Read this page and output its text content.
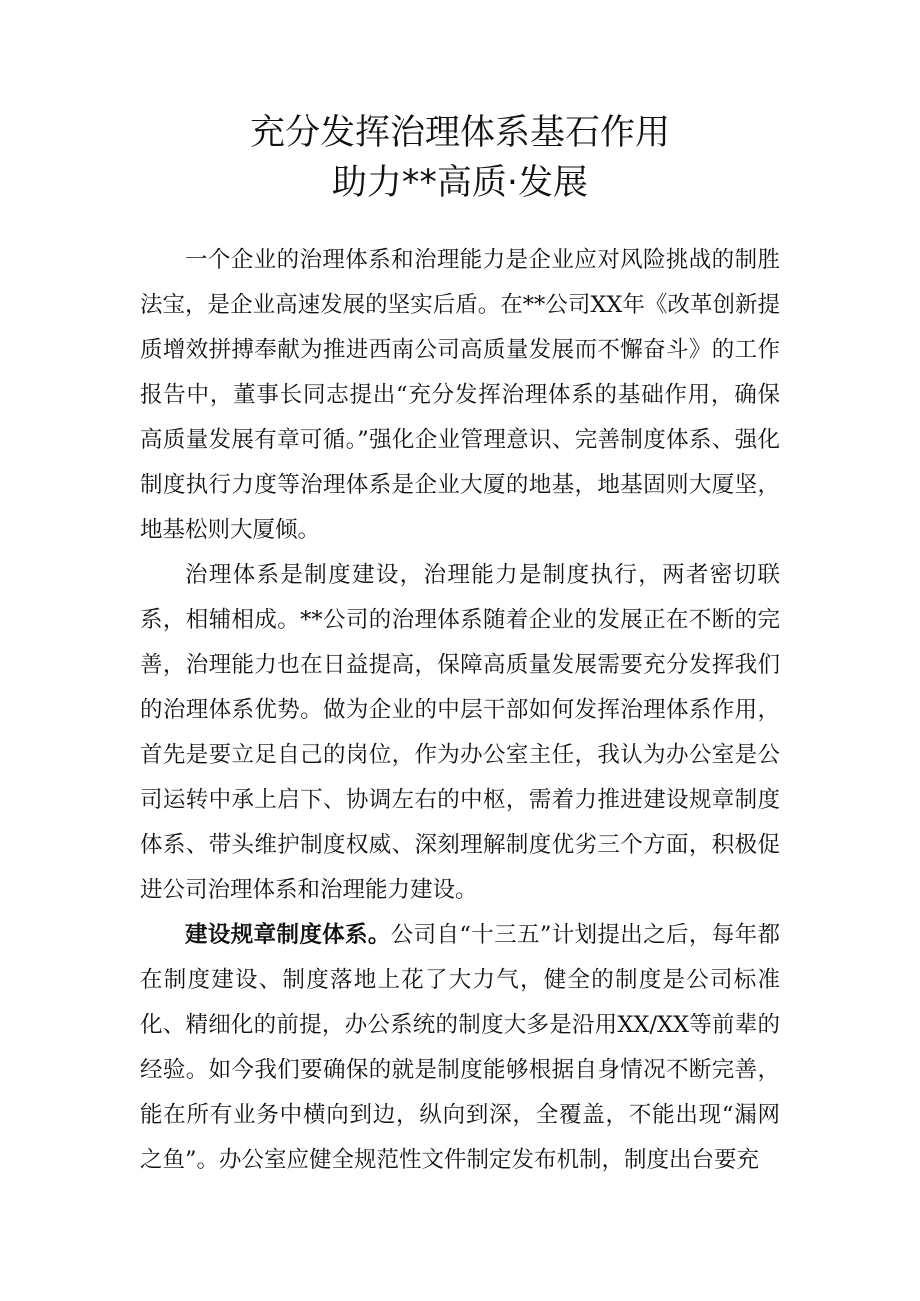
充分发挥治理体系基石作用
助力**高质·发展

一个企业的治理体系和治理能力是企业应对风险挑战的制胜法宝，是企业高速发展的坚实后盾。在**公司XX年《改革创新提质增效拼搏奉献为推进西南公司高质量发展而不懈奋斗》的工作报告中，董事长同志提出“充分发挥治理体系的基础作用，确保高质量发展有章可循。”强化企业管理意识、完善制度体系、强化制度执行力度等治理体系是企业大厦的地基，地基固则大厦坚，地基松则大厦倾。

治理体系是制度建设，治理能力是制度执行，两者密切联系，相辅相成。**公司的治理体系随着企业的发展正在不断的完善，治理能力也在日益提高，保障高质量发展需要充分发挥我们的治理体系优势。做为企业的中层干部如何发挥治理体系作用，首先是要立足自己的岗位，作为办公室主任，我认为办公室是公司运转中承上启下、协调左右的中枢，需着力推进建设规章制度体系、带头维护制度权威、深刻理解制度优劣三个方面，积极促进公司治理体系和治理能力建设。

建设规章制度体系。公司自“十三五”计划提出之后，每年都在制度建设、制度落地上花了大力气，健全的制度是公司标准化、精细化的前提，办公系统的制度大多是沿用XX/XX等前辈的经验。如今我们要确保的就是制度能够根据自身情况不断完善，能在所有业务中横向到边，纵向到深，全覆盖，不能出现“漏网之鱼”。办公室应健全规范性文件制定发布机制，制度出台要充
